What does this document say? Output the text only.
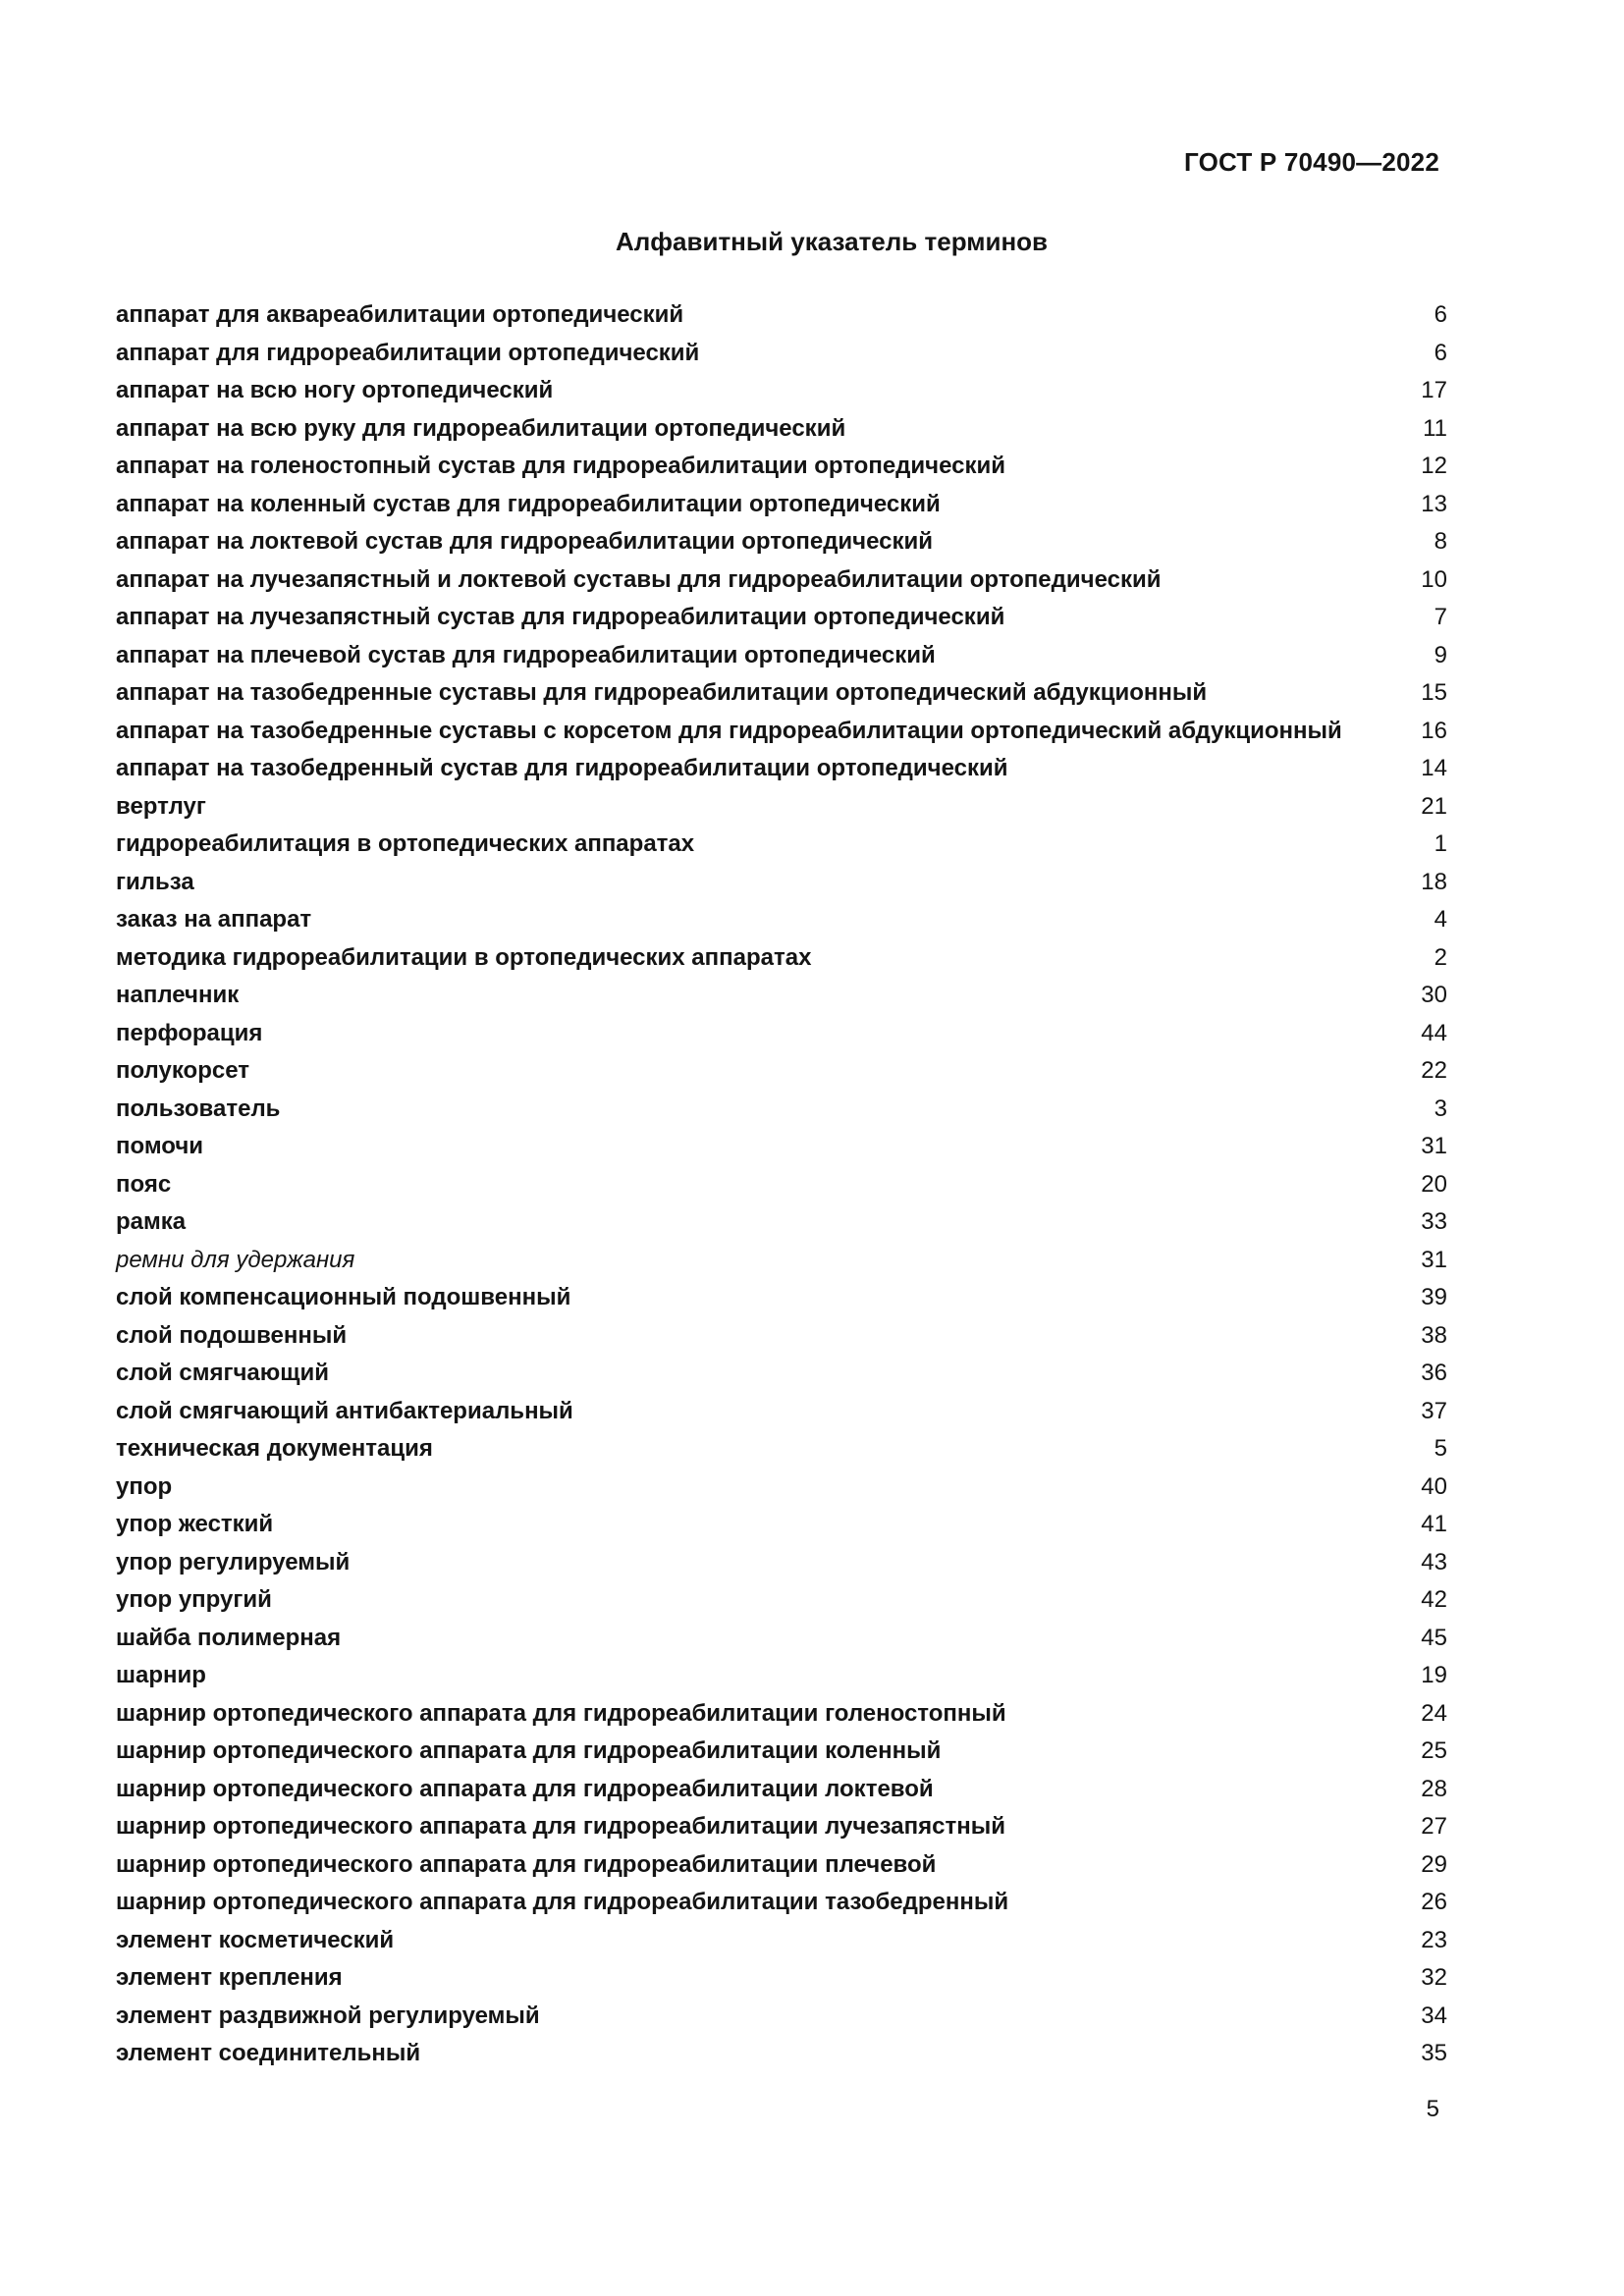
ГОСТ Р 70490—2022
Алфавитный указатель терминов
аппарат для аквареабилитации ортопедический	6
аппарат для гидрореабилитации ортопедический	6
аппарат на всю ногу ортопедический	17
аппарат на всю руку для гидрореабилитации ортопедический	11
аппарат на голеностопный сустав для гидрореабилитации ортопедический	12
аппарат на коленный сустав для гидрореабилитации ортопедический	13
аппарат на локтевой сустав для гидрореабилитации ортопедический	8
аппарат на лучезапястный и локтевой суставы для гидрореабилитации ортопедический	10
аппарат на лучезапястный сустав для гидрореабилитации ортопедический	7
аппарат на плечевой сустав для гидрореабилитации ортопедический	9
аппарат на тазобедренные суставы для гидрореабилитации ортопедический абдукционный	15
аппарат на тазобедренные суставы с корсетом для гидрореабилитации ортопедический абдукционный	16
аппарат на тазобедренный сустав для гидрореабилитации ортопедический	14
вертлуг	21
гидрореабилитация в ортопедических аппаратах	1
гильза	18
заказ на аппарат	4
методика гидрореабилитации в ортопедических аппаратах	2
наплечник	30
перфорация	44
полукорсет	22
пользователь	3
помочи	31
пояс	20
рамка	33
ремни для удержания	31
слой компенсационный подошвенный	39
слой подошвенный	38
слой смягчающий	36
слой смягчающий антибактериальный	37
техническая документация	5
упор	40
упор жесткий	41
упор регулируемый	43
упор упругий	42
шайба полимерная	45
шарнир	19
шарнир ортопедического аппарата для гидрореабилитации голеностопный	24
шарнир ортопедического аппарата для гидрореабилитации коленный	25
шарнир ортопедического аппарата для гидрореабилитации локтевой	28
шарнир ортопедического аппарата для гидрореабилитации лучезапястный	27
шарнир ортопедического аппарата для гидрореабилитации плечевой	29
шарнир ортопедического аппарата для гидрореабилитации тазобедренный	26
элемент косметический	23
элемент крепления	32
элемент раздвижной регулируемый	34
элемент соединительный	35
5
